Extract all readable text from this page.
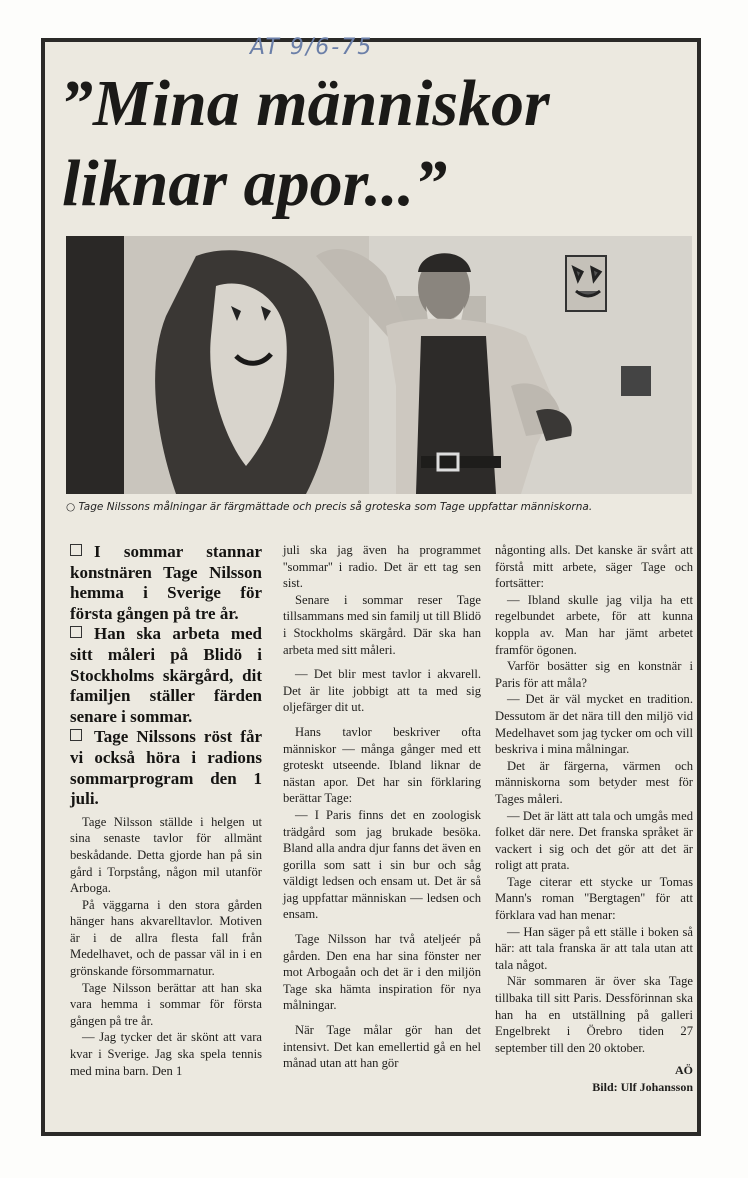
AT 9/6-75
”Mina människor
liknar apor...”
○ Tage Nilssons målningar är färgmättade och precis så groteska som Tage uppfattar människorna.
I sommar stannar konstnären Tage Nilsson hemma i Sverige för första gången på tre år.
Han ska arbeta med sitt måleri på Blidö i Stockholms skärgård, dit familjen ställer färden senare i sommar.
Tage Nilssons röst får vi också höra i radions sommarprogram den 1 juli.

Tage Nilsson ställde i helgen ut sina senaste tavlor för allmänt beskådande. Detta gjorde han på sin gård i Torpstång, någon mil utanför Arboga.

På väggarna i den stora gården hänger hans akvarelltavlor. Motiven är i de allra flesta fall från Medelhavet, och de passar väl in i en grönskande försommarnatur.

Tage Nilsson berättar att han ska vara hemma i sommar för första gången på tre år.

— Jag tycker det är skönt att vara kvar i Sverige. Jag ska spela tennis med mina barn. Den 1

juli ska jag även ha programmet ''sommar'' i radio. Det är ett tag sen sist.

Senare i sommar reser Tage tillsammans med sin familj ut till Blidö i Stockholms skärgård. Där ska han arbeta med sitt måleri.

— Det blir mest tavlor i akvarell. Det är lite jobbigt att ta med sig oljefärger dit ut.

Hans tavlor beskriver ofta människor — många gånger med ett groteskt utseende. Ibland liknar de nästan apor. Det har sin förklaring berättar Tage:

— I Paris finns det en zoologisk trädgård som jag brukade besöka. Bland alla andra djur fanns det även en gorilla som satt i sin bur och såg väldigt ledsen och ensam ut. Det är så jag uppfattar människan — ledsen och ensam.

Tage Nilsson har två ateljeér på gården. Den ena har sina fönster ner mot Arbogaån och det är i den miljön Tage ska hämta inspiration för nya målningar.

När Tage målar gör han det intensivt. Det kan emellertid gå en hel månad utan att han gör

någonting alls. Det kanske är svårt att förstå mitt arbete, säger Tage och fortsätter:

— Ibland skulle jag vilja ha ett regelbundet arbete, för att kunna koppla av. Man har jämt arbetet framför ögonen.

Varför bosätter sig en konstnär i Paris för att måla?

— Det är väl mycket en tradition. Dessutom är det nära till den miljö vid Medelhavet som jag tycker om och vill beskriva i mina målningar.

Det är färgerna, värmen och människorna som betyder mest för Tages måleri.

— Det är lätt att tala och umgås med folket där nere. Det franska språket är vackert i sig och det gör att det är roligt att prata.

Tage citerar ett stycke ur Tomas Mann's roman ''Bergtagen'' för att förklara vad han menar:

— Han säger på ett ställe i boken så här: att tala franska är att tala utan att tala något.

När sommaren är över ska Tage tillbaka till sitt Paris. Dessförinnan ska han ha en utställning på galleri Engelbrekt i Örebro tiden 27 september till den 20 oktober.

AÖ

Bild: Ulf Johansson
